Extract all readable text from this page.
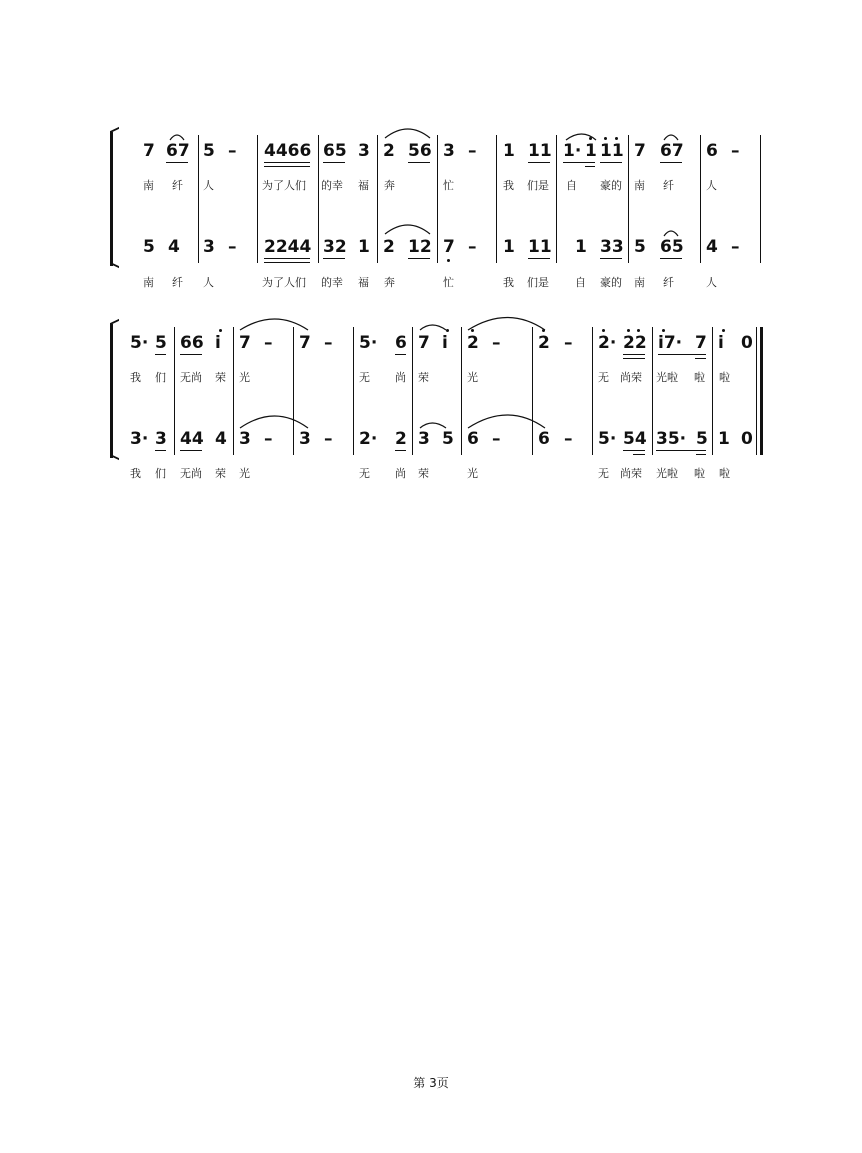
7 67 5 – 4466 65 3 2 56 3 – 1 11 1· 1 11 7 67 6 –
南 纤 人	为了人们 的幸 福 奔	忙	我 们是 自 豪的 南 纤	人
5 4 3 – 2244 32 1 2 12 7 – 1 11 1 33 5 65 4 –
南 纤 人	为了人们 的幸 福 奔	忙	我 们是 自 豪的 南 纤	人
5· 5 66 i 7 – 7 – 5· 6 7 i 2 – 2 – 2· 22 i7· 7 i 0
我 们 无尚 荣 光	无 尚 荣	光	无 尚荣 光啦 啦 啦
3· 3 44 4 3 – 3 – 2· 2 3 5 6 – 6 – 5· 54 35· 5 1 0
我 们 无尚 荣 光	无 尚 荣	光	无 尚荣 光啦 啦 啦
第 3页
